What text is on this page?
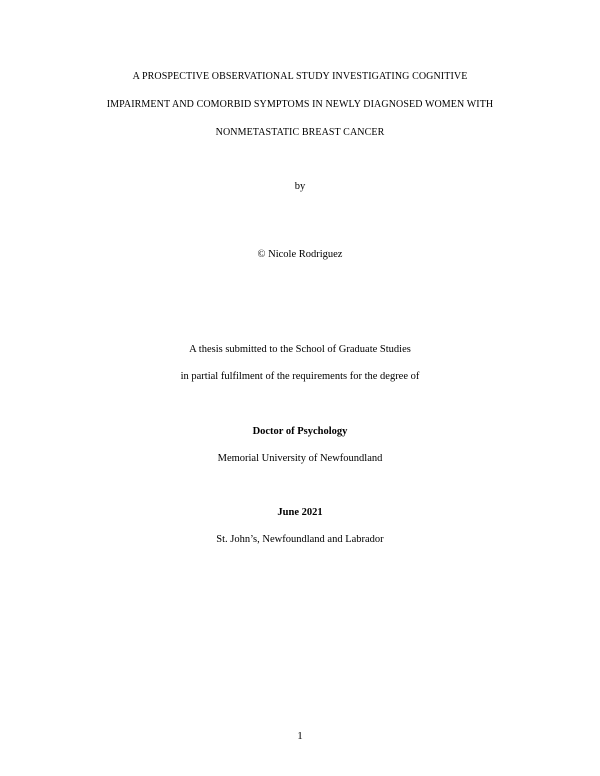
A PROSPECTIVE OBSERVATIONAL STUDY INVESTIGATING COGNITIVE
IMPAIRMENT AND COMORBID SYMPTOMS IN NEWLY DIAGNOSED WOMEN WITH
NONMETASTATIC BREAST CANCER
by
© Nicole Rodriguez
A thesis submitted to the School of Graduate Studies
in partial fulfilment of the requirements for the degree of
Doctor of Psychology
Memorial University of Newfoundland
June 2021
St. John’s, Newfoundland and Labrador
1
